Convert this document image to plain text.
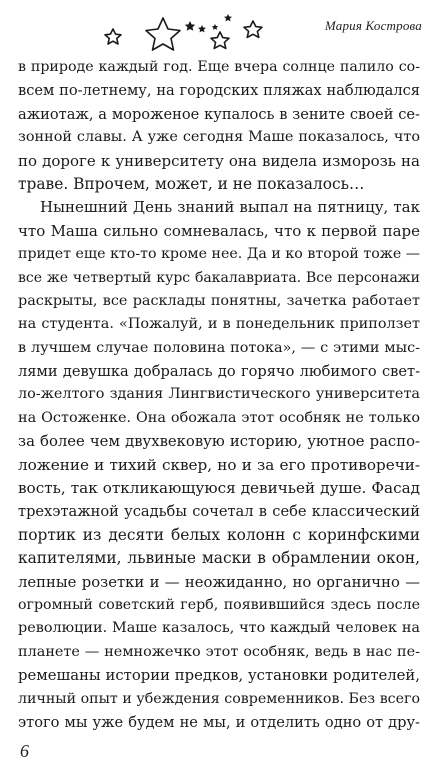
Мария Кострова
в природе каждый год. Еще вчера солнце палило со-
всем по-летнему, на городских пляжах наблюдался
ажиотаж, а мороженое купалось в зените своей се-
зонной славы. А уже сегодня Маше показалось, что
по дороге к университету она видела изморозь на
траве. Впрочем, может, и не показалось…
Нынешний День знаний выпал на пятницу, так
что Маша сильно сомневалась, что к первой паре
придет еще кто-то кроме нее. Да и ко второй тоже —
все же четвертый курс бакалавриата. Все персонажи
раскрыты, все расклады понятны, зачетка работает
на студента. «Пожалуй, и в понедельник приползет
в лучшем случае половина потока», — с этими мыс-
лями девушка добралась до горячо любимого свет-
ло-желтого здания Лингвистического университета
на Остоженке. Она обожала этот особняк не только
за более чем двухвековую историю, уютное распо-
ложение и тихий сквер, но и за его противоречи-
вость, так откликающуюся девичьей душе. Фасад
трехэтажной усадьбы сочетал в себе классический
портик из десяти белых колонн с коринфскими
капителями, львиные маски в обрамлении окон,
лепные розетки и — неожиданно, но органично —
огромный советский герб, появившийся здесь после
революции. Маше казалось, что каждый человек на
планете — немножечко этот особняк, ведь в нас пе-
ремешаны истории предков, установки родителей,
личный опыт и убеждения современников. Без всего
этого мы уже будем не мы, и отделить одно от дру-
6
